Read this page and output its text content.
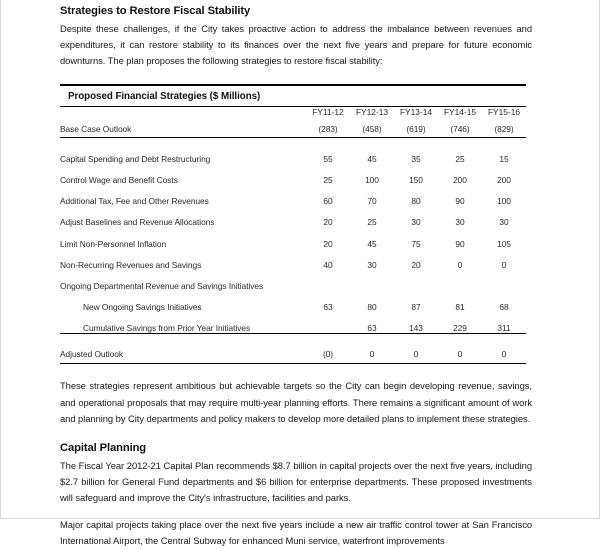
Strategies to Restore Fiscal Stability

Despite these challenges, if the City takes proactive action to address the imbalance between revenues and expenditures, it can restore stability to its finances over the next five years and prepare for future economic downturns. The plan proposes the following strategies to restore fiscal stability:

Proposed Financial Strategies ($ Millions)
	FY11-12	FY12-13	FY13-14	FY14-15	FY15-16
Base Case Outlook	(283)	(458)	(619)	(746)	(829)
Capital Spending and Debt Restructuring	55	45	35	25	15
Control Wage and Benefit Costs	25	100	150	200	200
Additional Tax, Fee and Other Revenues	60	70	80	90	100
Adjust Baselines and Revenue Allocations	20	25	30	30	30
Limit Non-Personnel Inflation	20	45	75	90	105
Non-Recurring Revenues and Savings	40	30	20	0	0
Ongoing Departmental Revenue and Savings Initiatives					
New Ongoing Savings Initiatives	63	80	87	81	68
Cumulative Savings from Prior Year Initiatives		63	143	229	311
Adjusted Outlook	(0)	0	0	0	0

These strategies represent ambitious but achievable targets so the City can begin developing revenue, savings, and operational proposals that may require multi-year planning efforts. There remains a significant amount of work and planning by City departments and policy makers to develop more detailed plans to implement these strategies.

Capital Planning

The Fiscal Year 2012-21 Capital Plan recommends $8.7 billion in capital projects over the next five years, including $2.7 billion for General Fund departments and $6 billion for enterprise departments. These proposed investments will safeguard and improve the City's infrastructure, facilities and parks.

Major capital projects taking place over the next five years include a new air traffic control tower at San Francisco International Airport, the Central Subway for enhanced Muni service, waterfront improvements
